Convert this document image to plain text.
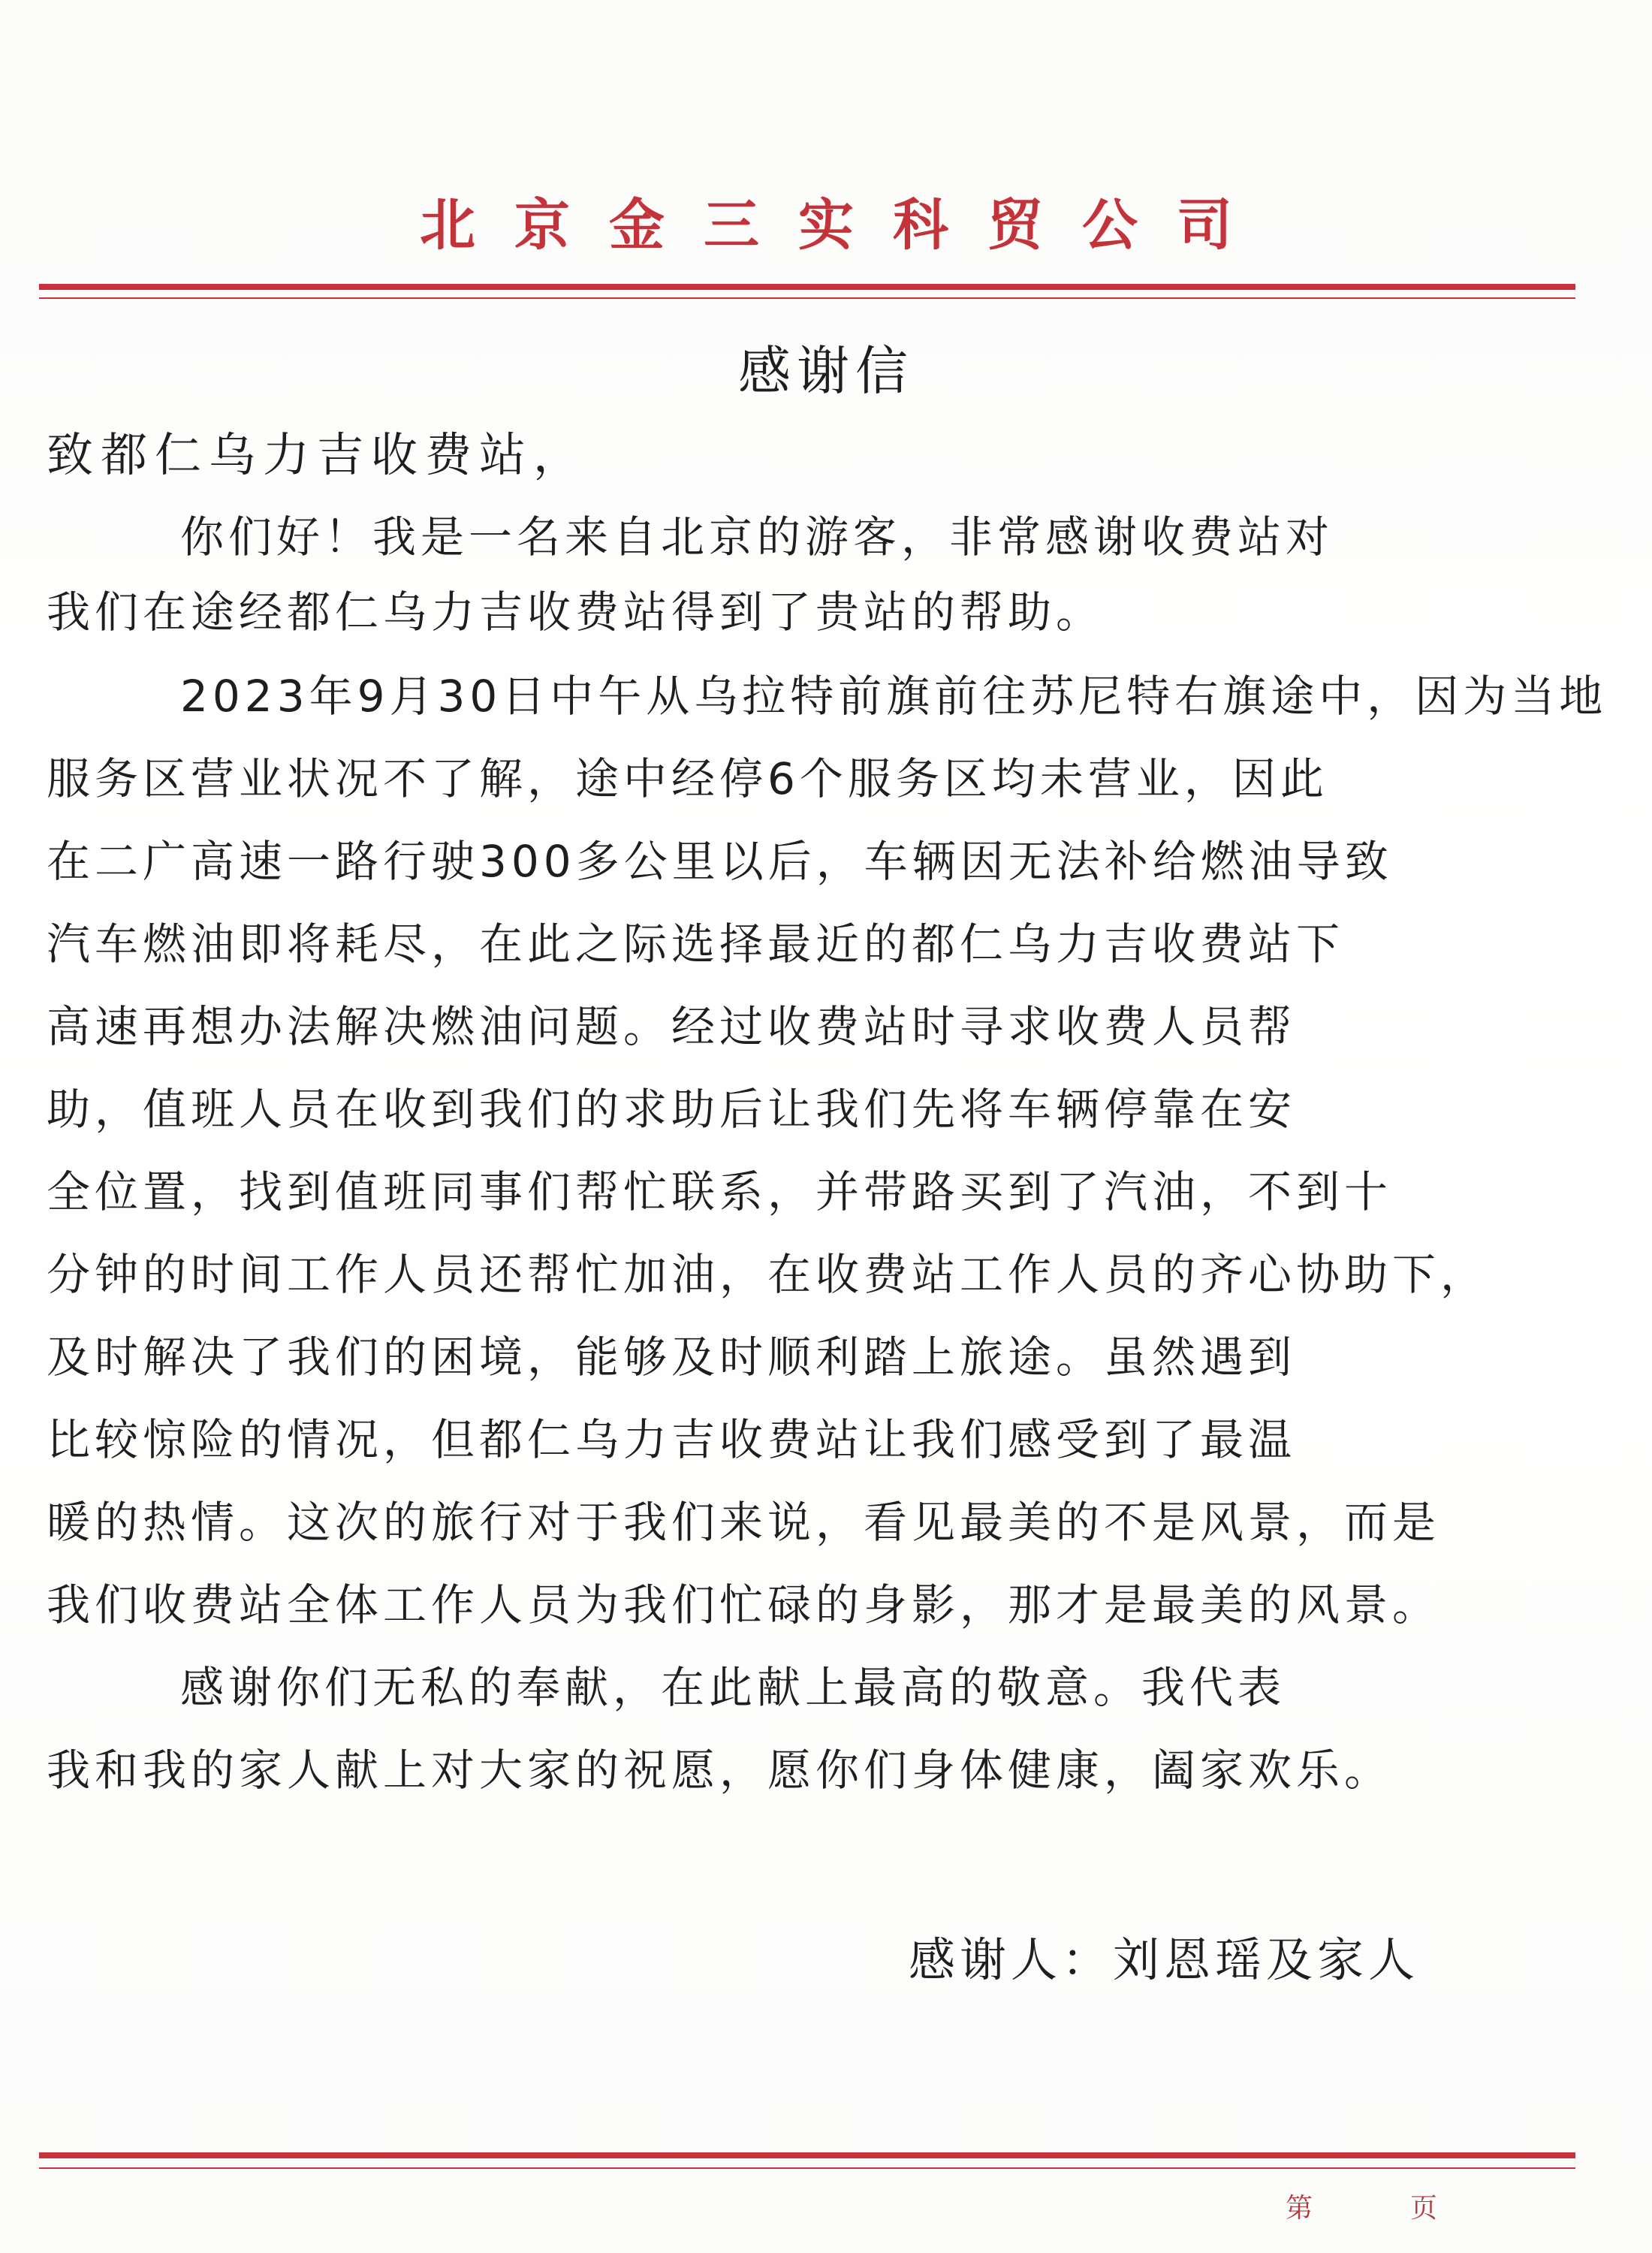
北京金三实科贸公司
感谢信
致都仁乌力吉收费站，
你们好！我是一名来自北京的游客，非常感谢收费站对
我们在途经都仁乌力吉收费站得到了贵站的帮助。
2023年9月30日中午从乌拉特前旗前往苏尼特右旗途中，因为当地
服务区营业状况不了解，途中经停6个服务区均未营业，因此
在二广高速一路行驶300多公里以后，车辆因无法补给燃油导致
汽车燃油即将耗尽，在此之际选择最近的都仁乌力吉收费站下
高速再想办法解决燃油问题。经过收费站时寻求收费人员帮
助，值班人员在收到我们的求助后让我们先将车辆停靠在安
全位置，找到值班同事们帮忙联系，并带路买到了汽油，不到十
分钟的时间工作人员还帮忙加油，在收费站工作人员的齐心协助下，
及时解决了我们的困境，能够及时顺利踏上旅途。虽然遇到
比较惊险的情况，但都仁乌力吉收费站让我们感受到了最温
暖的热情。这次的旅行对于我们来说，看见最美的不是风景，而是
我们收费站全体工作人员为我们忙碌的身影，那才是最美的风景。
感谢你们无私的奉献，在此献上最高的敬意。我代表
我和我的家人献上对大家的祝愿，愿你们身体健康，阖家欢乐。
感谢人：刘恩瑶及家人
第	页
